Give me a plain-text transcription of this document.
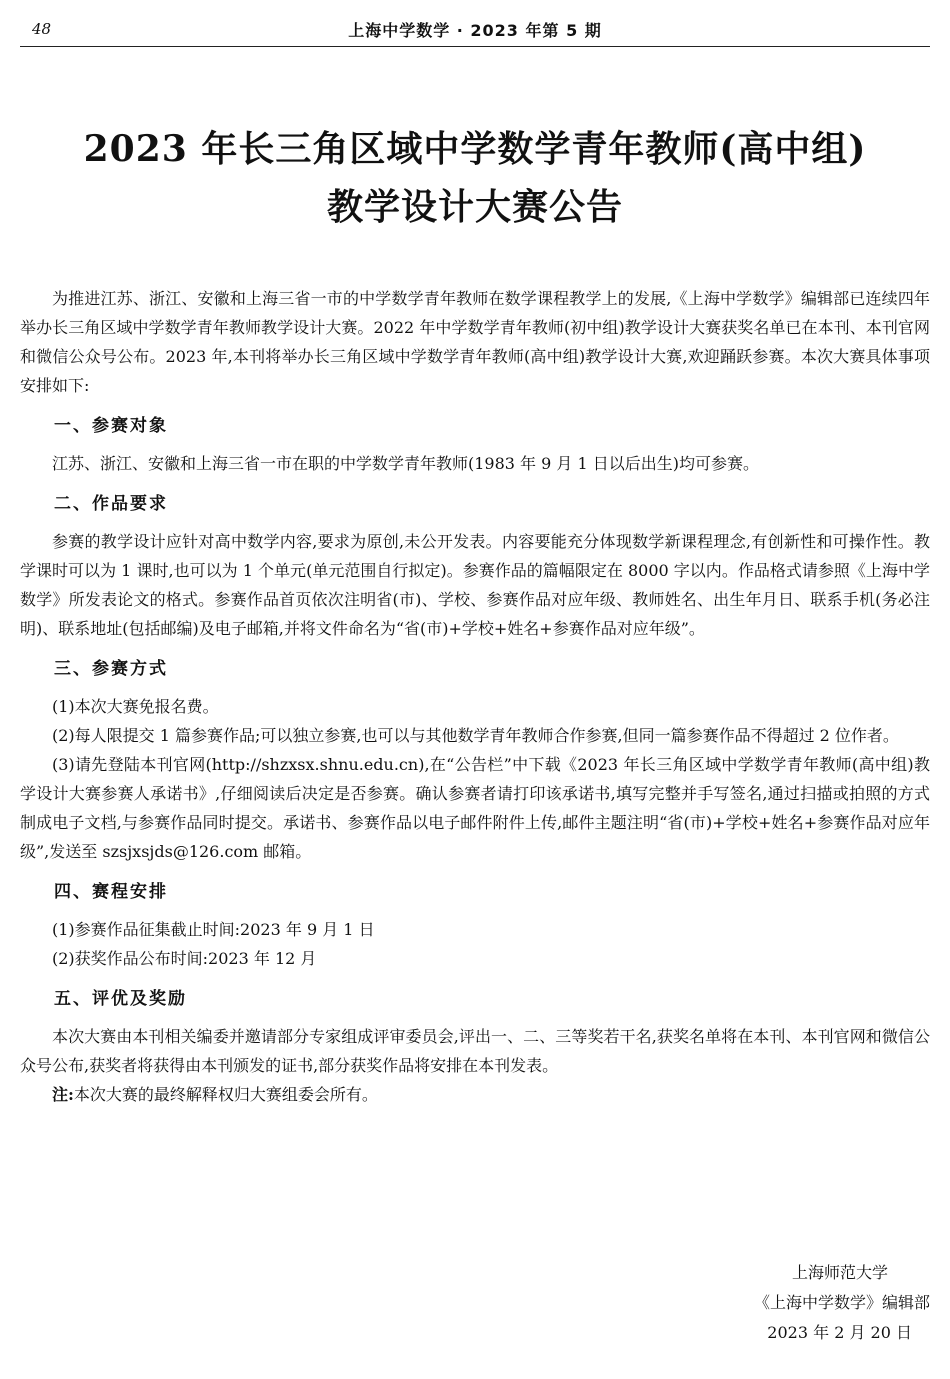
48	上海中学数学 · 2023 年第 5 期
2023 年长三角区域中学数学青年教师(高中组)
教学设计大赛公告

为推进江苏、浙江、安徽和上海三省一市的中学数学青年教师在数学课程教学上的发展,《上海中学数学》编辑部已连续四年举办长三角区域中学数学青年教师教学设计大赛。2022 年中学数学青年教师(初中组)教学设计大赛获奖名单已在本刊、本刊官网和微信公众号公布。2023 年,本刊将举办长三角区域中学数学青年教师(高中组)教学设计大赛,欢迎踊跃参赛。本次大赛具体事项安排如下:

一、参赛对象

江苏、浙江、安徽和上海三省一市在职的中学数学青年教师(1983 年 9 月 1 日以后出生)均可参赛。

二、作品要求

参赛的教学设计应针对高中数学内容,要求为原创,未公开发表。内容要能充分体现数学新课程理念,有创新性和可操作性。教学课时可以为 1 课时,也可以为 1 个单元(单元范围自行拟定)。参赛作品的篇幅限定在 8000 字以内。作品格式请参照《上海中学数学》所发表论文的格式。参赛作品首页依次注明省(市)、学校、参赛作品对应年级、教师姓名、出生年月日、联系手机(务必注明)、联系地址(包括邮编)及电子邮箱,并将文件命名为“省(市)+学校+姓名+参赛作品对应年级”。

三、参赛方式

(1)本次大赛免报名费。

(2)每人限提交 1 篇参赛作品;可以独立参赛,也可以与其他数学青年教师合作参赛,但同一篇参赛作品不得超过 2 位作者。

(3)请先登陆本刊官网(http://shzxsx.shnu.edu.cn),在“公告栏”中下载《2023 年长三角区域中学数学青年教师(高中组)教学设计大赛参赛人承诺书》,仔细阅读后决定是否参赛。确认参赛者请打印该承诺书,填写完整并手写签名,通过扫描或拍照的方式制成电子文档,与参赛作品同时提交。承诺书、参赛作品以电子邮件附件上传,邮件主题注明“省(市)+学校+姓名+参赛作品对应年级”,发送至 szsjxsjds@126.com 邮箱。

四、赛程安排

(1)参赛作品征集截止时间:2023 年 9 月 1 日

(2)获奖作品公布时间:2023 年 12 月

五、评优及奖励

本次大赛由本刊相关编委并邀请部分专家组成评审委员会,评出一、二、三等奖若干名,获奖名单将在本刊、本刊官网和微信公众号公布,获奖者将获得由本刊颁发的证书,部分获奖作品将安排在本刊发表。

注:本次大赛的最终解释权归大赛组委会所有。

上海师范大学
《上海中学数学》编辑部
2023 年 2 月 20 日
